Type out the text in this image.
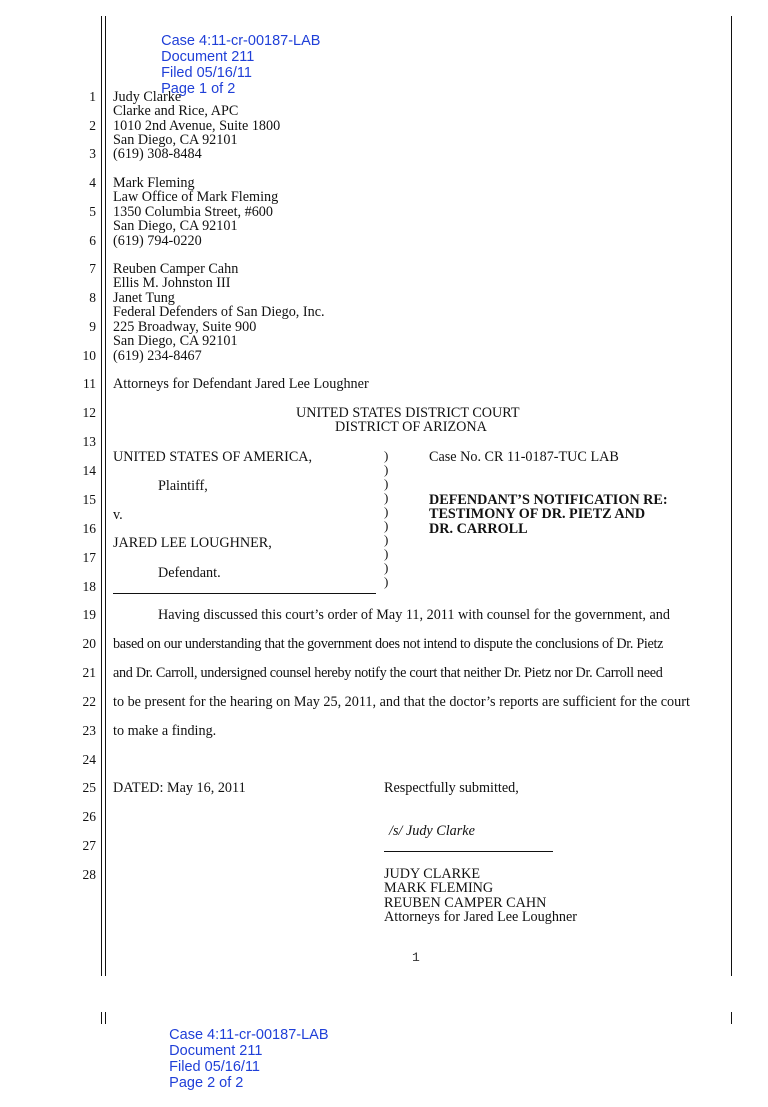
Case 4:11-cr-00187-LAB
Document 211
Filed 05/16/11
Page 1 of 2

1
2
3
4
5
6
7
8
9
10
11
12
13
14
15
16
17
18
19
20
21
22
23
24
25
26
27
28
Judy Clarke
Clarke and Rice, APC
1010 2nd Avenue, Suite 1800
San Diego, CA 92101
(619) 308-8484
Mark Fleming
Law Office of Mark Fleming
1350 Columbia Street, #600
San Diego, CA 92101
(619) 794-0220
Reuben Camper Cahn
Ellis M. Johnston III
Janet Tung
Federal Defenders of San Diego, Inc.
225 Broadway, Suite 900
San Diego, CA 92101
(619) 234-8467
Attorneys for Defendant Jared Lee Loughner
UNITED STATES DISTRICT COURT
DISTRICT OF ARIZONA
UNITED STATES OF AMERICA,
Plaintiff,
v.
JARED LEE LOUGHNER,
Defendant.
)
)
)
)
)
)
)
)
)
)
Case No. CR 11-0187-TUC LAB
DEFENDANT’S NOTIFICATION RE:
TESTIMONY OF DR. PIETZ AND
DR. CARROLL
Having discussed this court’s order of May 11, 2011 with counsel for the government, and
based on our understanding that the government does not intend to dispute the conclusions of Dr. Pietz
and Dr. Carroll, undersigned counsel hereby notify the court that neither Dr. Pietz nor Dr. Carroll need
to be present for the hearing on May 25, 2011, and that the doctor’s reports are sufficient for the court
to make a finding.
DATED: May 16, 2011	Respectfully submitted,
/s/ Judy Clarke
JUDY CLARKE
MARK FLEMING
REUBEN CAMPER CAHN
Attorneys for Jared Lee Loughner
1

Case 4:11-cr-00187-LAB
Document 211
Filed 05/16/11
Page 2 of 2
